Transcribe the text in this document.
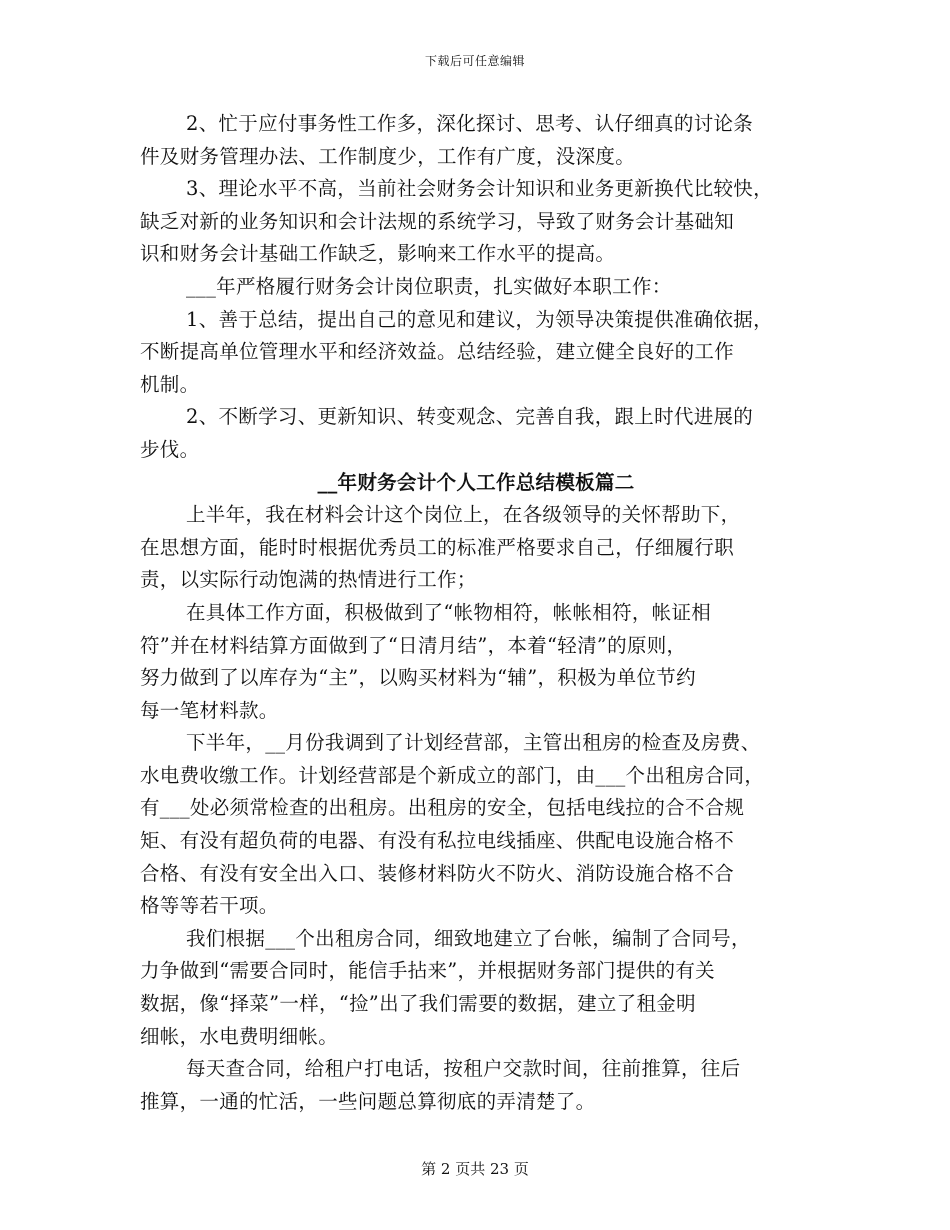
下载后可任意编辑
2、忙于应付事务性工作多，深化探讨、思考、认仔细真的讨论条
件及财务管理办法、工作制度少，工作有广度，没深度。
3、理论水平不高，当前社会财务会计知识和业务更新换代比较快，
缺乏对新的业务知识和会计法规的系统学习，导致了财务会计基础知
识和财务会计基础工作缺乏，影响来工作水平的提高。
___年严格履行财务会计岗位职责，扎实做好本职工作：
1、善于总结，提出自己的意见和建议，为领导决策提供准确依据，
不断提高单位管理水平和经济效益。总结经验，建立健全良好的工作
机制。
2、不断学习、更新知识、转变观念、完善自我，跟上时代进展的
步伐。
__年财务会计个人工作总结模板篇二
上半年，我在材料会计这个岗位上，在各级领导的关怀帮助下，
在思想方面，能时时根据优秀员工的标准严格要求自己，仔细履行职
责，以实际行动饱满的热情进行工作；
在具体工作方面，积极做到了“帐物相符，帐帐相符，帐证相
符”并在材料结算方面做到了“日清月结”，本着“轻清”的原则，
努力做到了以库存为“主”，以购买材料为“辅”，积极为单位节约
每一笔材料款。
下半年，__月份我调到了计划经营部，主管出租房的检查及房费、
水电费收缴工作。计划经营部是个新成立的部门，由___个出租房合同，
有___处必须常检查的出租房。出租房的安全，包括电线拉的合不合规
矩、有没有超负荷的电器、有没有私拉电线插座、供配电设施合格不
合格、有没有安全出入口、装修材料防火不防火、消防设施合格不合
格等等若干项。
我们根据___个出租房合同，细致地建立了台帐，编制了合同号，
力争做到“需要合同时，能信手拈来”，并根据财务部门提供的有关
数据，像“择菜”一样，“捡”出了我们需要的数据，建立了租金明
细帐，水电费明细帐。
每天查合同，给租户打电话，按租户交款时间，往前推算，往后
推算，一通的忙活，一些问题总算彻底的弄清楚了。
第 2 页共 23 页
